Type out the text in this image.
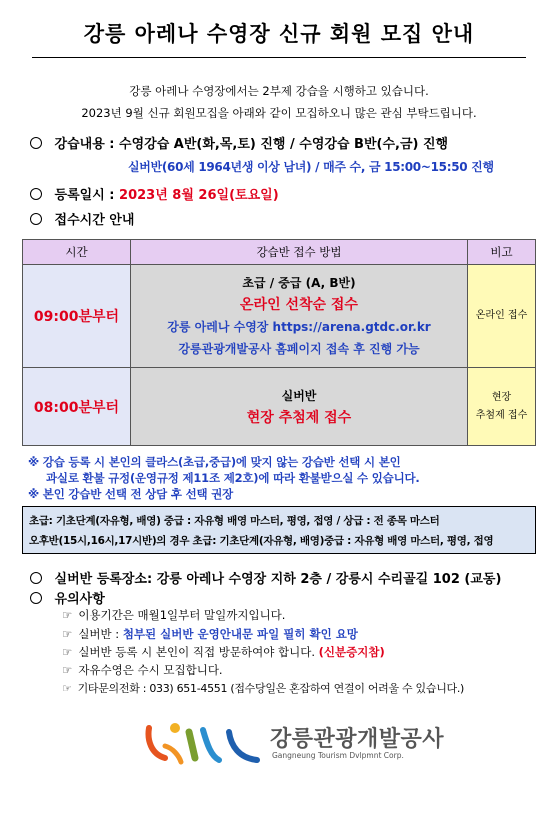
강릉 아레나 수영장 신규 회원 모집 안내
강릉 아레나 수영장에서는 2부제 강습을 시행하고 있습니다.
2023년 9월 신규 회원모집을 아래와 같이 모집하오니 많은 관심 부탁드립니다.
강습내용 : 수영강습 A반(화,목,토) 진행 / 수영강습 B반(수,금) 진행
실버반(60세 1964년생 이상 남녀) / 매주 수, 금 15:00~15:50 진행
등록일시 : 2023년 8월 26일(토요일)
접수시간 안내
시간	강습반 접수 방법	비고
09:00분부터	초급 / 중급 (A, B반)
온라인 선착순 접수
강릉 아레나 수영장 https://arena.gtdc.or.kr
강릉관광개발공사 홈페이지 접속 후 진행 가능	온라인 접수
08:00분부터	실버반
현장 추첨제 접수	현장
추첨제 접수
※ 강습 등록 시 본인의 클라스(초급,중급)에 맞지 않는 강습반 선택 시 본인
과실로 환불 규정(운영규정 제11조 제2호)에 따라 환불받으실 수 있습니다.
※ 본인 강습반 선택 전 상담 후 선택 권장
초급: 기초단계(자유형, 배영) 중급 : 자유형 배영 마스터, 평영, 접영 / 상급 : 전 종목 마스터
오후반(15시,16시,17시반)의 경우 초급: 기초단계(자유형, 배영)중급 : 자유형 배영 마스터, 평영, 접영
실버반 등록장소: 강릉 아레나 수영장 지하 2층 / 강릉시 수리골길 102 (교동)
유의사항
☞ 이용기간은 매월1일부터 말일까지입니다.
☞ 실버반 : 첨부된 실버반 운영안내문 파일 필히 확인 요망
☞ 실버반 등록 시 본인이 직접 방문하여야 합니다. (신분증지참)
☞ 자유수영은 수시 모집합니다.
☞ 기타문의전화 : 033) 651-4551 (접수당일은 혼잡하여 연결이 어려울 수 있습니다.)
강릉관광개발공사
Gangneung Tourism Dvlpmnt Corp.
